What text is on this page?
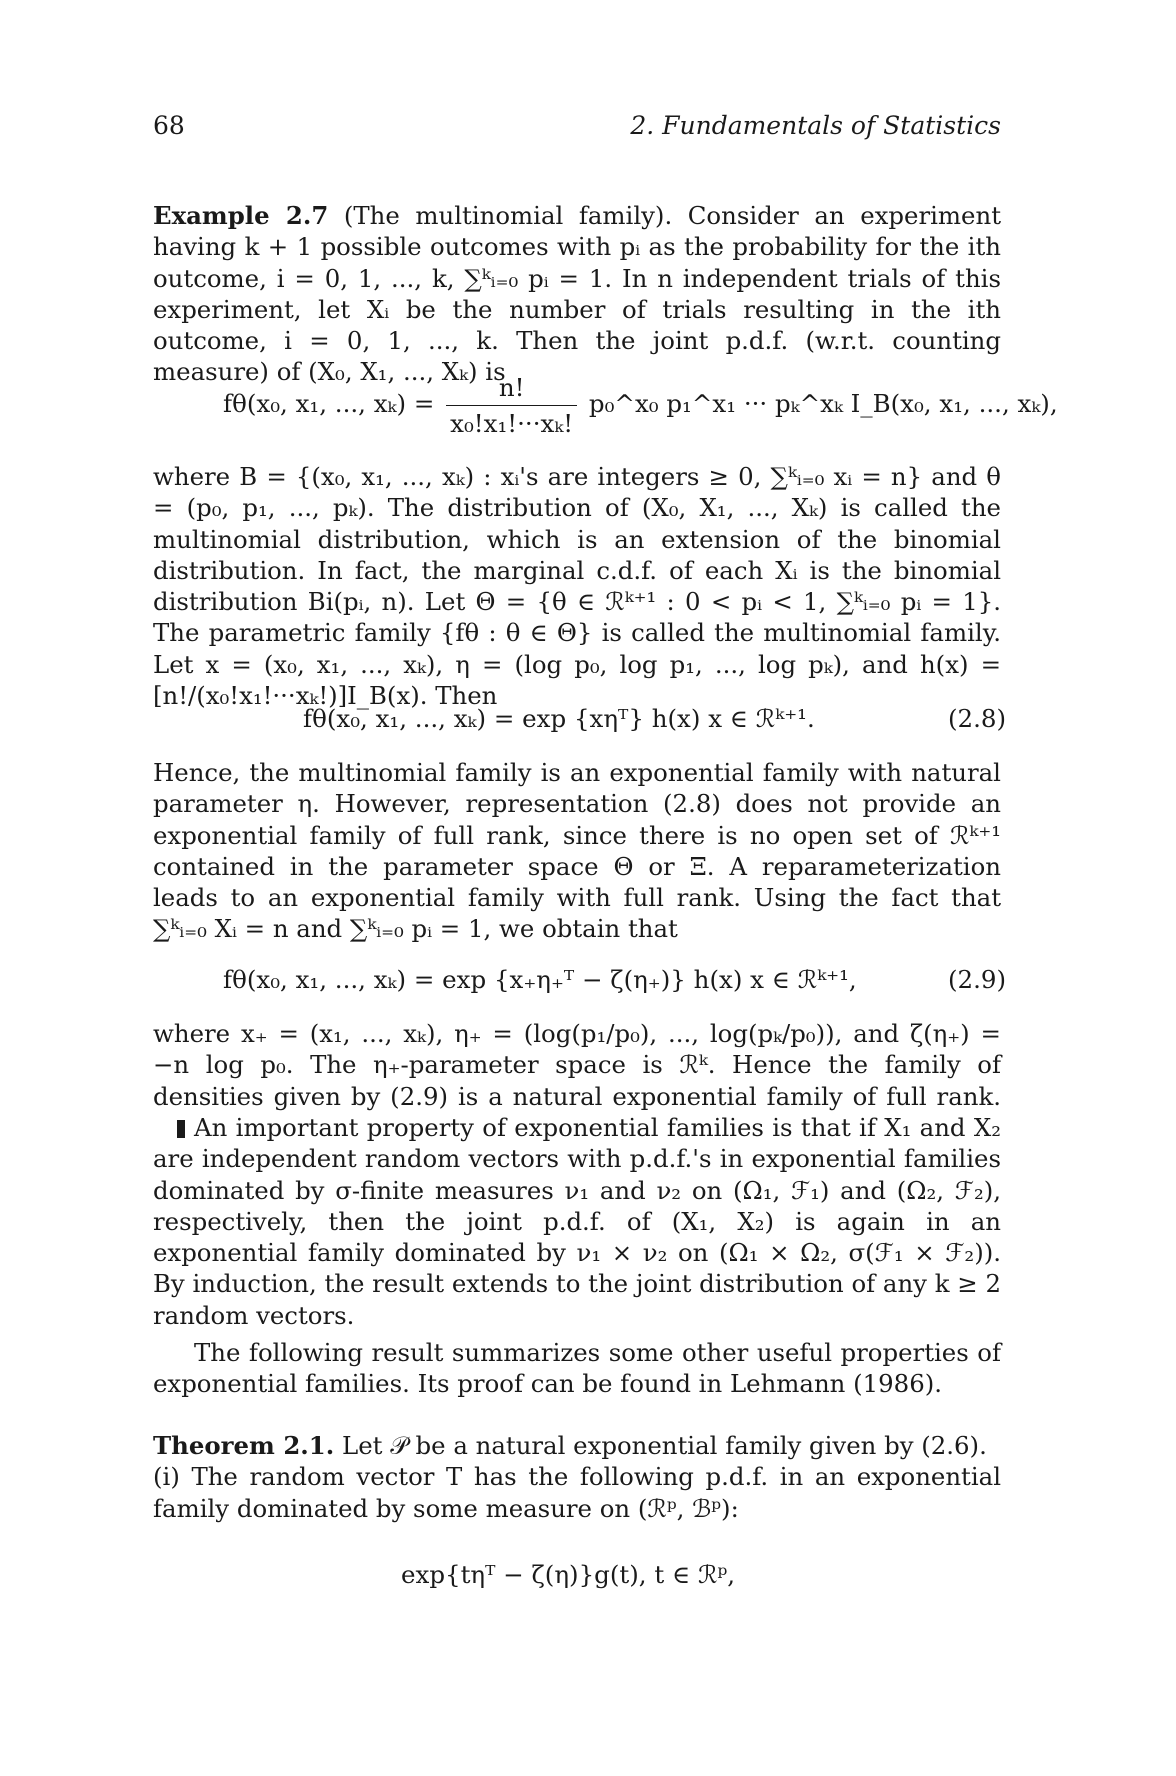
68	2. Fundamentals of Statistics
Example 2.7 (The multinomial family). Consider an experiment having k + 1 possible outcomes with pᵢ as the probability for the ith outcome, i = 0, 1, ..., k, ∑ᵏᵢ₌₀ pᵢ = 1. In n independent trials of this experiment, let Xᵢ be the number of trials resulting in the ith outcome, i = 0, 1, ..., k. Then the joint p.d.f. (w.r.t. counting measure) of (X₀, X₁, ..., Xₖ) is
fθ(x₀, x₁, ..., $x_k) = \frac{n!}{\text{x₀!x₁!···xₖ!}}$ p₀^x₀ p₁^x₁ ··· pₖ^xₖ I_B(x₀, x₁, ..., xₖ),
where B = {(x₀, x₁, ..., xₖ) : xᵢ's are integers ≥ 0, ∑ᵏᵢ₌₀ xᵢ = n} and θ = (p₀, p₁, ..., pₖ). The distribution of (X₀, X₁, ..., Xₖ) is called the multinomial distribution, which is an extension of the binomial distribution. In fact, the marginal c.d.f. of each Xᵢ is the binomial distribution Bi(pᵢ, n). Let Θ = {θ ∈ ℛᵏ⁺¹ : 0 < pᵢ < 1, ∑ᵏᵢ₌₀ pᵢ = 1}. The parametric family {fθ : θ ∈ Θ} is called the multinomial family. Let x = (x₀, x₁, ..., xₖ), η = (log p₀, log p₁, ..., log pₖ), and h(x) = [n!/(x₀!x₁!···xₖ!)]I_B(x). Then
fθ(x₀, x₁, ..., xₖ) = exp {xηᵀ} h(x) x ∈ ℛᵏ⁺¹.	(2.8)
Hence, the multinomial family is an exponential family with natural parameter η. However, representation (2.8) does not provide an exponential family of full rank, since there is no open set of ℛᵏ⁺¹ contained in the parameter space Θ or Ξ. A reparameterization leads to an exponential family with full rank. Using the fact that ∑ᵏᵢ₌₀ Xᵢ = n and ∑ᵏᵢ₌₀ pᵢ = 1, we obtain that
fθ(x₀, x₁, ..., xₖ) = exp {x₊η₊ᵀ − ζ(η₊)} h(x) x ∈ ℛᵏ⁺¹,	(2.9)
where x₊ = (x₁, ..., xₖ), η₊ = (log(p₁/p₀), ..., log(pₖ/p₀)), and ζ(η₊) = −n log p₀. The η₊-parameter space is ℛᵏ. Hence the family of densities given by (2.9) is a natural exponential family of full rank.
An important property of exponential families is that if X₁ and X₂ are independent random vectors with p.d.f.'s in exponential families dominated by σ-finite measures ν₁ and ν₂ on (Ω₁, ℱ₁) and (Ω₂, ℱ₂), respectively, then the joint p.d.f. of (X₁, X₂) is again in an exponential family dominated by ν₁ × ν₂ on (Ω₁ × Ω₂, σ(ℱ₁ × ℱ₂)). By induction, the result extends to the joint distribution of any k ≥ 2 random vectors.
The following result summarizes some other useful properties of exponential families. Its proof can be found in Lehmann (1986).
Theorem 2.1. Let 𝒫 be a natural exponential family given by (2.6).
(i) The random vector T has the following p.d.f. in an exponential family dominated by some measure on (ℛᵖ, ℬᵖ):
exp{tηᵀ − ζ(η)}g(t), t ∈ ℛᵖ,
